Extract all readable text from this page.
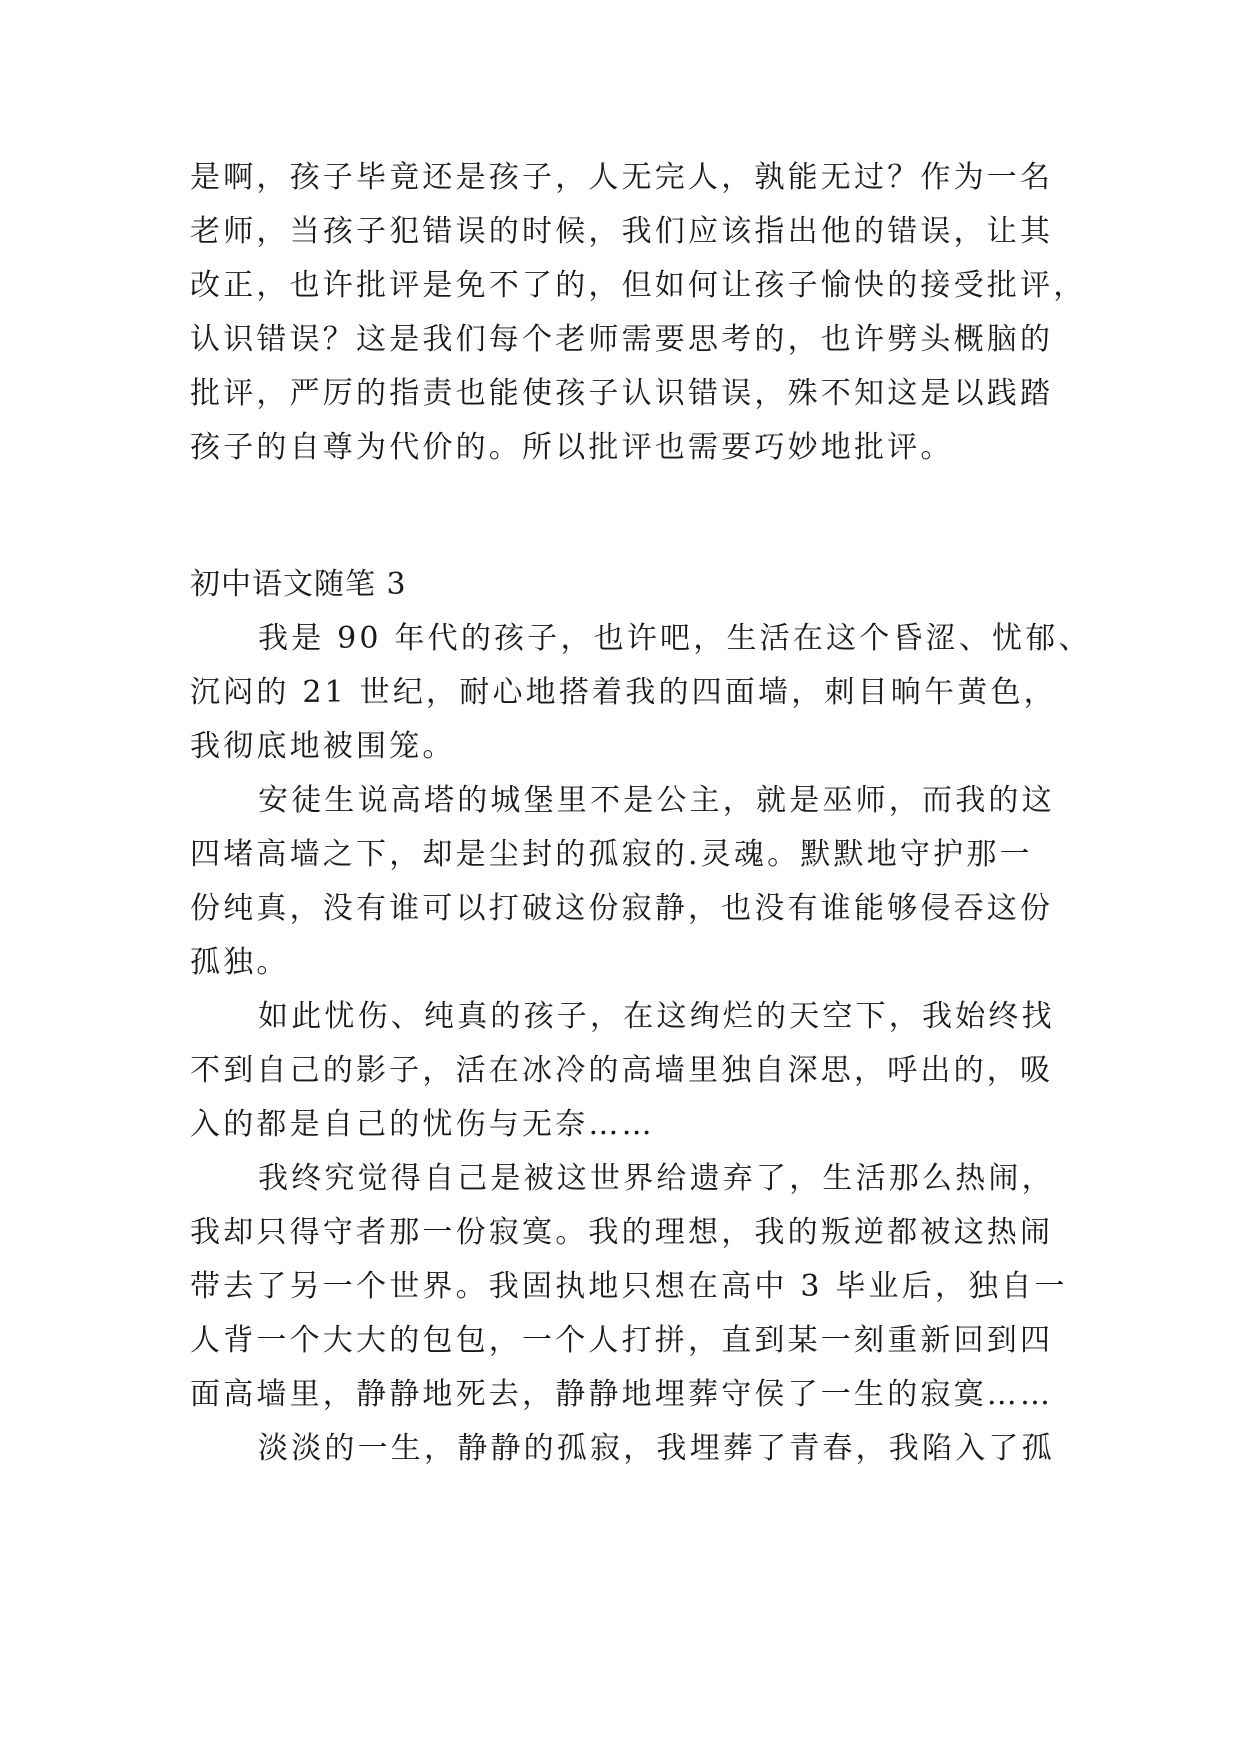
是啊，孩子毕竟还是孩子，人无完人，孰能无过？作为一名

老师，当孩子犯错误的时候，我们应该指出他的错误，让其

改正，也许批评是免不了的，但如何让孩子愉快的接受批评，

认识错误？这是我们每个老师需要思考的，也许劈头概脑的

批评，严厉的指责也能使孩子认识错误，殊不知这是以践踏

孩子的自尊为代价的。所以批评也需要巧妙地批评。

初中语文随笔 3

我是 90 年代的孩子，也许吧，生活在这个昏涩、忧郁、

沉闷的 21 世纪，耐心地搭着我的四面墙，刺目晌午黄色，

我彻底地被围笼。

安徒生说高塔的城堡里不是公主，就是巫师，而我的这

四堵高墙之下，却是尘封的孤寂的.灵魂。默默地守护那一

份纯真，没有谁可以打破这份寂静，也没有谁能够侵吞这份

孤独。

如此忧伤、纯真的孩子，在这绚烂的天空下，我始终找

不到自己的影子，活在冰冷的高墙里独自深思，呼出的，吸

入的都是自己的忧伤与无奈……

我终究觉得自己是被这世界给遗弃了，生活那么热闹，

我却只得守者那一份寂寞。我的理想，我的叛逆都被这热闹

带去了另一个世界。我固执地只想在高中 3 毕业后，独自一

人背一个大大的包包，一个人打拼，直到某一刻重新回到四

面高墙里，静静地死去，静静地埋葬守侯了一生的寂寞……

淡淡的一生，静静的孤寂，我埋葬了青春，我陷入了孤
